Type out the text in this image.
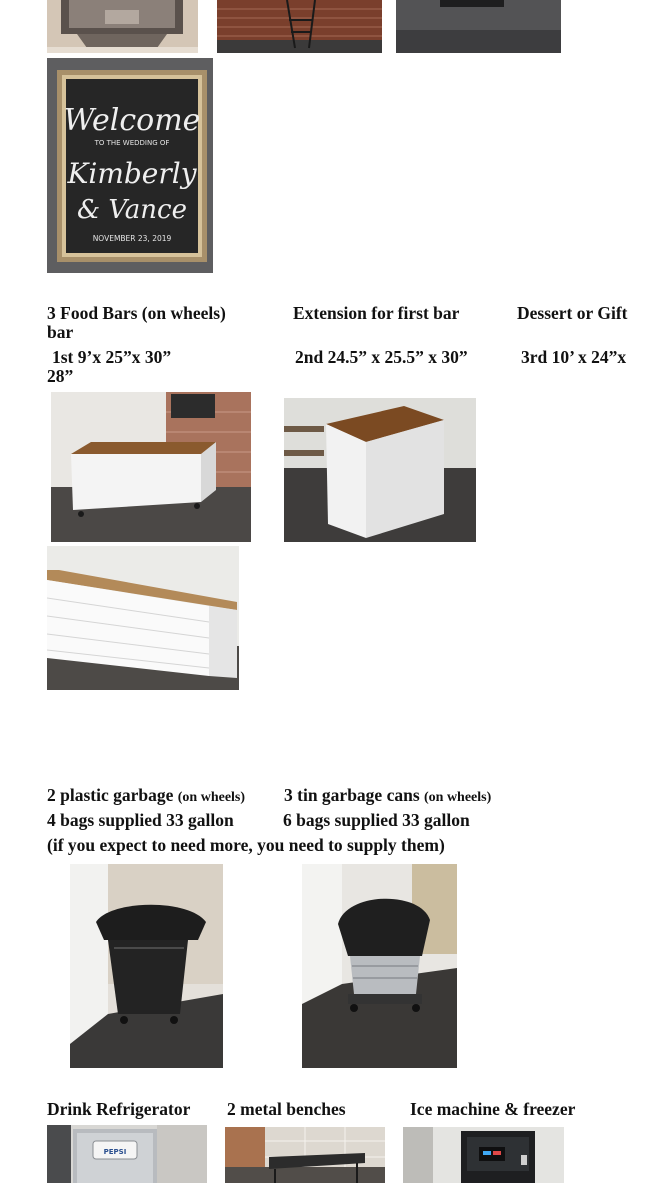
Welcome
TO THE WEDDING OF
Kimberly
& Vance
NOVEMBER 23, 2019
3 Food Bars (on wheels)	Extension for first bar	Dessert or Gift
bar
1st 9’x 25”x 30”	2nd 24.5” x 25.5” x 30”	3rd 10’ x 24”x
28”
2 plastic garbage (on wheels) 3 tin garbage cans (on wheels)
4 bags supplied 33 gallon	6 bags supplied 33 gallon
(if you expect to need more, you need to supply them)
Drink Refrigerator 2 metal benches	Ice machine & freezer
PEPSI
